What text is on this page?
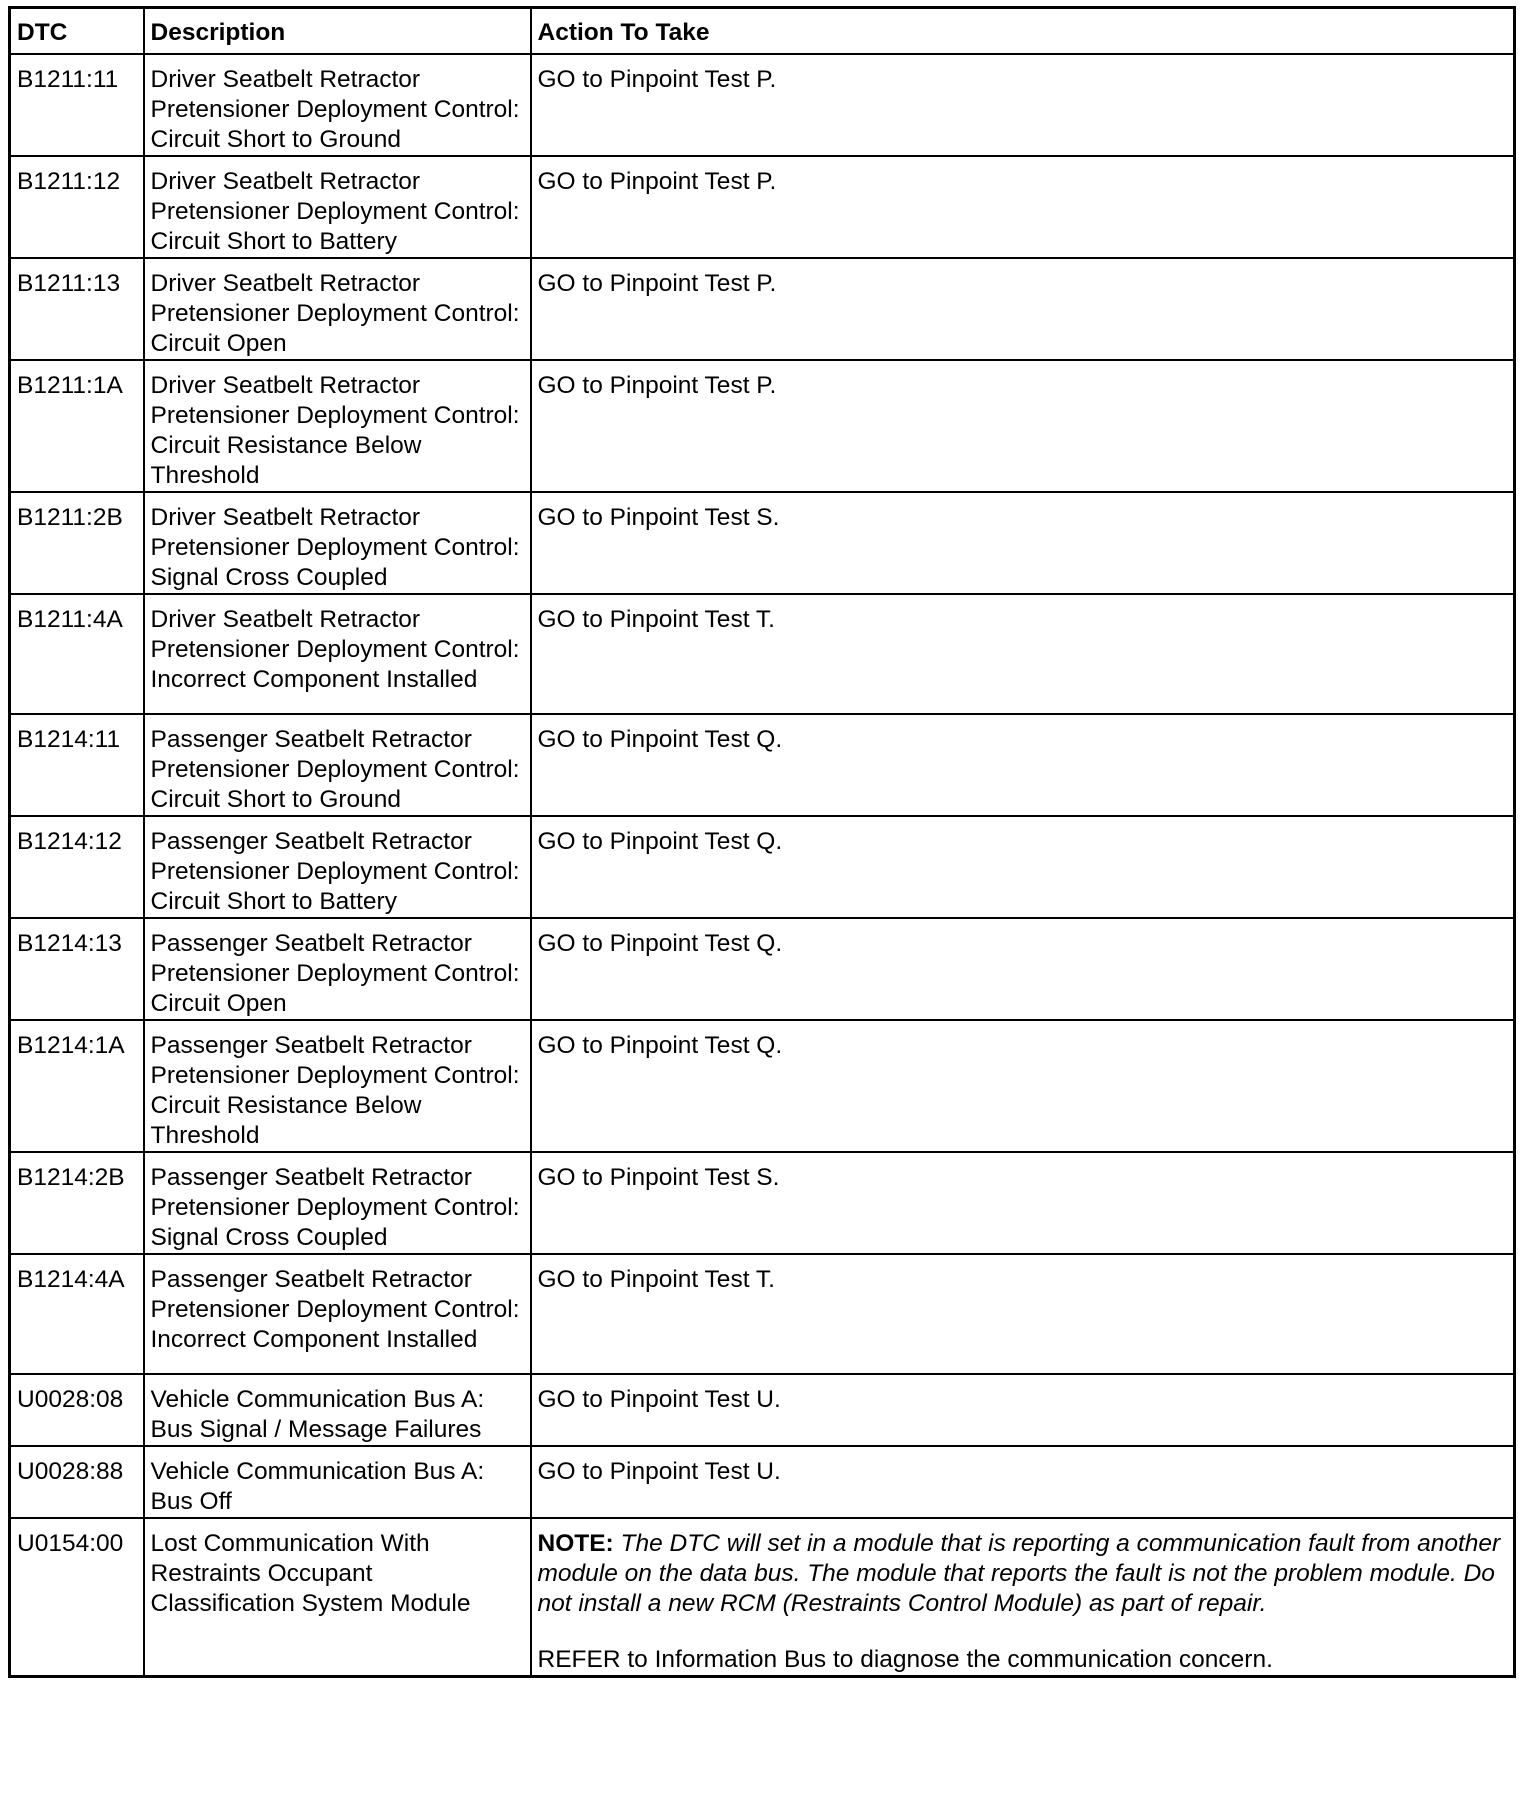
DTC	Description	Action To Take
B1211:11	Driver Seatbelt Retractor Pretensioner Deployment Control: Circuit Short to Ground	GO to Pinpoint Test P.
B1211:12	Driver Seatbelt Retractor Pretensioner Deployment Control: Circuit Short to Battery	GO to Pinpoint Test P.
B1211:13	Driver Seatbelt Retractor Pretensioner Deployment Control: Circuit Open	GO to Pinpoint Test P.
B1211:1A	Driver Seatbelt Retractor Pretensioner Deployment Control: Circuit Resistance Below Threshold	GO to Pinpoint Test P.
B1211:2B	Driver Seatbelt Retractor Pretensioner Deployment Control: Signal Cross Coupled	GO to Pinpoint Test S.
B1211:4A	Driver Seatbelt Retractor Pretensioner Deployment Control: Incorrect Component Installed	GO to Pinpoint Test T.
B1214:11	Passenger Seatbelt Retractor Pretensioner Deployment Control: Circuit Short to Ground	GO to Pinpoint Test Q.
B1214:12	Passenger Seatbelt Retractor Pretensioner Deployment Control: Circuit Short to Battery	GO to Pinpoint Test Q.
B1214:13	Passenger Seatbelt Retractor Pretensioner Deployment Control: Circuit Open	GO to Pinpoint Test Q.
B1214:1A	Passenger Seatbelt Retractor Pretensioner Deployment Control: Circuit Resistance Below Threshold	GO to Pinpoint Test Q.
B1214:2B	Passenger Seatbelt Retractor Pretensioner Deployment Control: Signal Cross Coupled	GO to Pinpoint Test S.
B1214:4A	Passenger Seatbelt Retractor Pretensioner Deployment Control: Incorrect Component Installed	GO to Pinpoint Test T.
U0028:08	Vehicle Communication Bus A: Bus Signal / Message Failures	GO to Pinpoint Test U.
U0028:88	Vehicle Communication Bus A: Bus Off	GO to Pinpoint Test U.
U0154:00	Lost Communication With Restraints Occupant Classification System Module	NOTE: The DTC will set in a module that is reporting a communication fault from another module on the data bus. The module that reports the fault is not the problem module. Do not install a new RCM (Restraints Control Module) as part of repair.
REFER to Information Bus to diagnose the communication concern.
